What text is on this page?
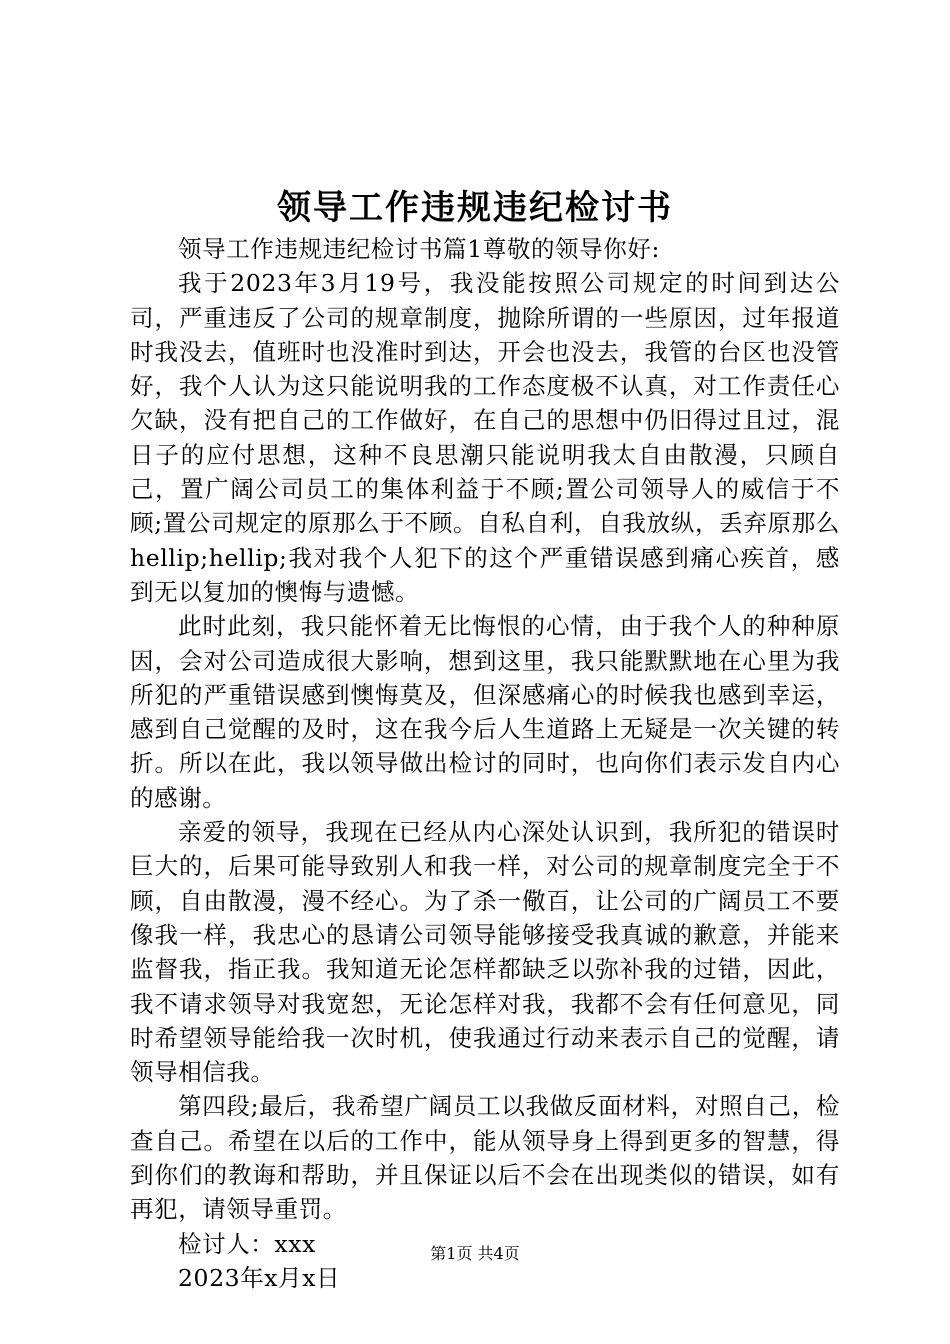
领导工作违规违纪检讨书

领导工作违规违纪检讨书篇1尊敬的领导你好:

我于2023年3月19号，我没能按照公司规定的时间到达公司，严重违反了公司的规章制度，抛除所谓的一些原因，过年报道时我没去，值班时也没准时到达，开会也没去，我管的台区也没管好，我个人认为这只能说明我的工作态度极不认真，对工作责任心欠缺，没有把自己的工作做好，在自己的思想中仍旧得过且过，混日子的应付思想，这种不良思潮只能说明我太自由散漫，只顾自己，置广阔公司员工的集体利益于不顾;置公司领导人的威信于不顾;置公司规定的原那么于不顾。自私自利，自我放纵，丢弃原那么hellip;hellip;我对我个人犯下的这个严重错误感到痛心疾首，感到无以复加的懊悔与遗憾。

此时此刻，我只能怀着无比悔恨的心情，由于我个人的种种原因，会对公司造成很大影响，想到这里，我只能默默地在心里为我所犯的严重错误感到懊悔莫及，但深感痛心的时候我也感到幸运，感到自己觉醒的及时，这在我今后人生道路上无疑是一次关键的转折。所以在此，我以领导做出检讨的同时，也向你们表示发自内心的感谢。

亲爱的领导，我现在已经从内心深处认识到，我所犯的错误时巨大的，后果可能导致别人和我一样，对公司的规章制度完全于不顾，自由散漫，漫不经心。为了杀一儆百，让公司的广阔员工不要像我一样，我忠心的恳请公司领导能够接受我真诚的歉意，并能来监督我，指正我。我知道无论怎样都缺乏以弥补我的过错，因此，我不请求领导对我宽恕，无论怎样对我，我都不会有任何意见，同时希望领导能给我一次时机，使我通过行动来表示自己的觉醒，请领导相信我。

第四段;最后，我希望广阔员工以我做反面材料，对照自己，检查自己。希望在以后的工作中，能从领导身上得到更多的智慧，得到你们的教诲和帮助，并且保证以后不会在出现类似的错误，如有再犯，请领导重罚。

检讨人：xxx

2023年x月x日

第1页 共4页
